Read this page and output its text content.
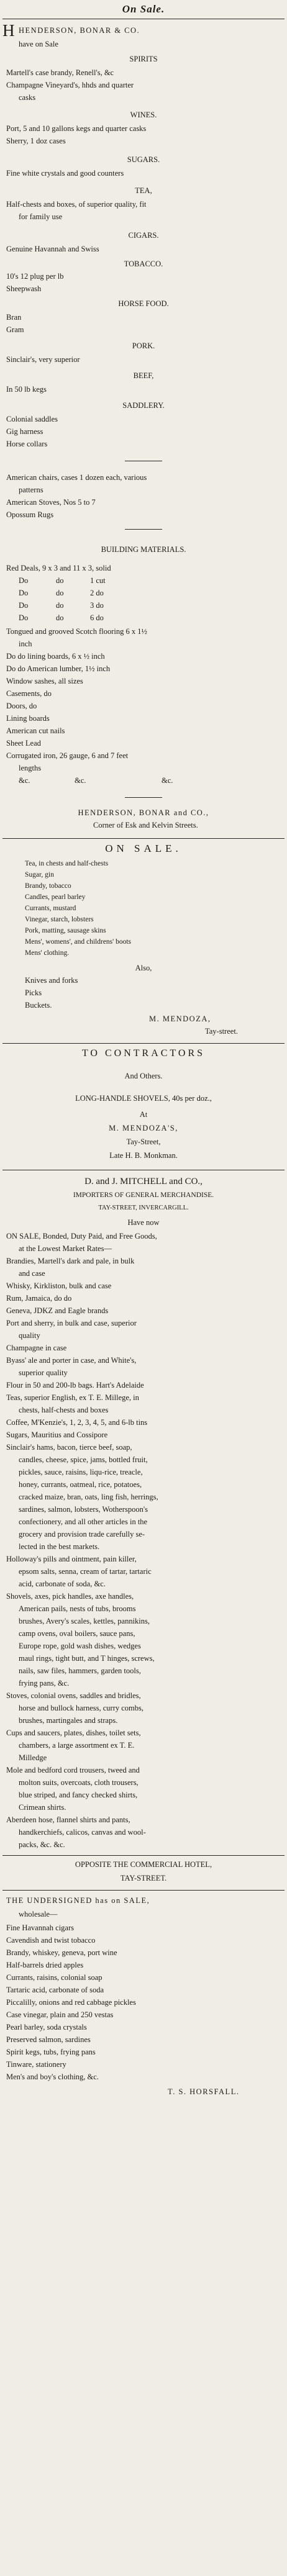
On Sale.
H HENDERSON, BONAR & CO.
have on Sale
SPIRITS
Martell's case brandy, Renell's, &c
Champagne Vineyard's, hhds and quarter
casks
WINES.
Port, 5 and 10 gallons kegs and quarter casks
Sherry, 1 doz cases
SUGARS.
Fine white crystals and good counters
TEA,
Half-chests and boxes, of superior quality, fit
for family use
CIGARS.
Genuine Havannah and Swiss
TOBACCO.
10's 12 plug per lb
Sheepwash
HORSE FOOD.
Bran
Gram
PORK.
Sinclair's, very superior
BEEF,
In 50 lb kegs
SADDLERY.
Colonial saddles
Gig harness
Horse collars
American chairs, cases 1 dozen each, various
patterns
American Stoves, Nos 5 to 7
Opossum Rugs
BUILDING MATERIALS.
Red Deals, 9 x 3 and 11 x 3, solid
Do	do	1 cut
Do	do	2 do
Do	do	3 do
Do	do	6 do
Tongued and grooved Scotch flooring 6 x 1½
inch
Do do lining boards, 6 x ½ inch
Do do American lumber, 1½ inch
Window sashes, all sizes
Casements, do
Doors, do
Lining boards
American cut nails
Sheet Lead
Corrugated iron, 26 gauge, 6 and 7 feet
lengths
&c.	&c.	&c.
HENDERSON, BONAR and CO.,
Corner of Esk and Kelvin Streets.
ON SALE.
Tea, in chests and half-chests
Sugar, gin
Brandy, tobacco
Candles, pearl barley
Currants, mustard
Vinegar, starch, lobsters
Pork, matting, sausage skins
Mens', womens', and childrens' boots
Mens' clothing.
Also,
Knives and forks
Picks
Buckets.
M. MENDOZA,
Tay-street.
TO CONTRACTORS
And Others.
LONG-HANDLE SHOVELS, 40s per doz.,
At
M. MENDOZA'S,
Tay-Street,
Late H. B. Monkman.
D. and J. MITCHELL and CO.,
IMPORTERS OF GENERAL MERCHANDISE.
TAY-STREET, INVERCARGILL.
Have now
ON SALE, Bonded, Duty Paid, and Free Goods,
at the Lowest Market Rates—
Brandies, Martell's dark and pale, in bulk
and case
Whisky, Kirkliston, bulk and case
Rum, Jamaica, do do
Geneva, JDKZ and Eagle brands
Port and sherry, in bulk and case, superior
quality
Champagne in case
Byass' ale and porter in case, and White's,
superior quality
Flour in 50 and 200-lb bags. Hart's Adelaide
Teas, superior English, ex T. E. Millege, in
chests, half-chests and boxes
Coffee, M'Kenzie's, 1, 2, 3, 4, 5, and 6-lb tins
Sugars, Mauritius and Cossipore
Sinclair's hams, bacon, tierce beef, soap,
candles, cheese, spice, jams, bottled fruit,
pickles, sauce, raisins, liqu-rice, treacle,
honey, currants, oatmeal, rice, potatoes,
cracked maize, bran, oats, ling fish, herrings,
sardines, salmon, lobsters, Wotherspoon's
confectionery, and all other articles in the
grocery and provision trade carefully se-
lected in the best markets.
Holloway's pills and ointment, pain killer,
epsom salts, senna, cream of tartar, tartaric
acid, carbonate of soda, &c.
Shovels, axes, pick handles, axe handles,
American pails, nests of tubs, brooms
brushes, Avery's scales, kettles, pannikins,
camp ovens, oval boilers, sauce pans,
Europe rope, gold wash dishes, wedges
maul rings, tight butt, and T hinges, screws,
nails, saw files, hammers, garden tools,
frying pans, &c.
Stoves, colonial ovens, saddles and bridles,
horse and bullock harness, curry combs,
brushes, martingales and straps.
Cups and saucers, plates, dishes, toilet sets,
chambers, a large assortment ex T. E.
Milledge
Mole and bedford cord trousers, tweed and
molton suits, overcoats, cloth trousers,
blue striped, and fancy checked shirts,
Crimean shirts.
Aberdeen hose, flannel shirts and pants,
handkerchiefs, calicos, canvas and wool-
packs, &c. &c.
OPPOSITE THE COMMERCIAL HOTEL,
TAY-STREET.
THE UNDERSIGNED has on SALE,
wholesale—
Fine Havannah cigars
Cavendish and twist tobacco
Brandy, whiskey, geneva, port wine
Half-barrels dried apples
Currants, raisins, colonial soap
Tartaric acid, carbonate of soda
Piccalilly, onions and red cabbage pickles
Case vinegar, plain and 250 vestas
Pearl barley, soda crystals
Preserved salmon, sardines
Spirit kegs, tubs, frying pans
Tinware, stationery
Men's and boy's clothing, &c.
T. S. HORSFALL.
